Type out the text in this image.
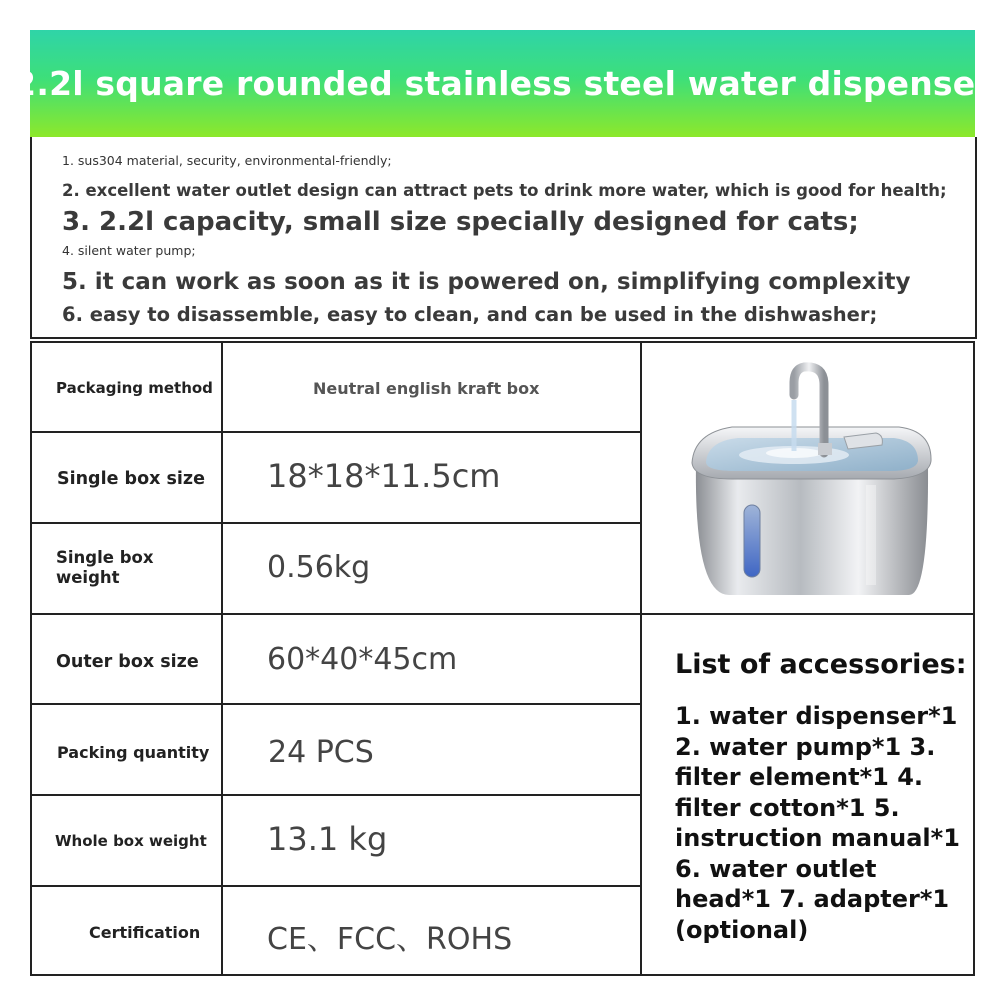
2.2l square rounded stainless steel water dispenser
1. sus304 material, security, environmental-friendly;
2. excellent water outlet design can attract pets to drink more water, which is good for health;
3. 2.2l capacity, small size specially designed for cats;
4. silent water pump;
5. it can work as soon as it is powered on, simplifying complexity
6. easy to disassemble, easy to clean, and can be used in the dishwasher;
Packaging method	Neutral english kraft box
Single box size 18*18*11.5cm
Single box weight	0.56kg
Outer box size 60*40*45cm
Packing quantity 24 PCS
Whole box weight 13.1 kg
Certification CE、FCC、ROHS
List of accessories:
1. water dispenser*1 2. water pump*1 3. filter element*1 4. filter cotton*1 5. instruction manual*1 6. water outlet head*1 7. adapter*1 (optional)
